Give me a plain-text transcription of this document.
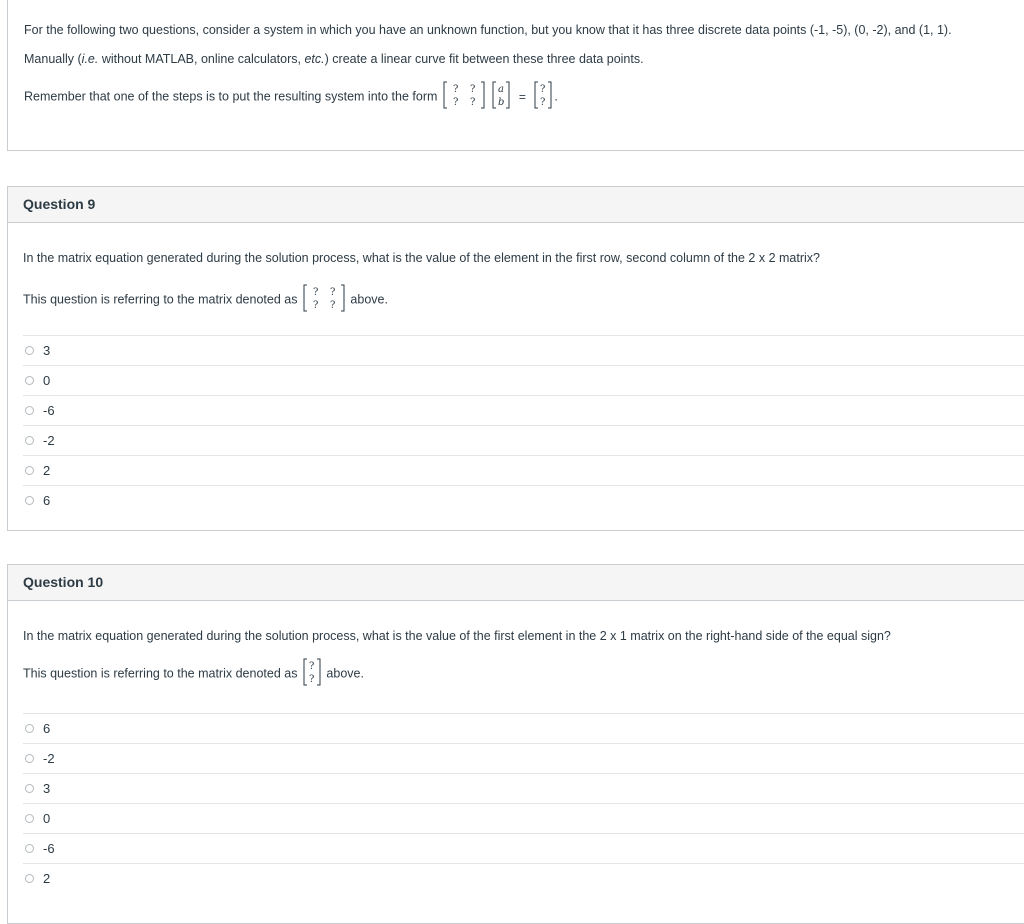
For the following two questions, consider a system in which you have an unknown function, but you know that it has three discrete data points (-1, -5), (0, -2), and (1, 1).

Manually (i.e. without MATLAB, online calculators, etc.) create a linear curve fit between these three data points.

Remember that one of the steps is to put the resulting system into the form ? ?
? ?

a
b = ?
? .

Question 9

In the matrix equation generated during the solution process, what is the value of the element in the first row, second column of the 2 x 2 matrix?

This question is referring to the matrix denoted as ? ?
? ? above.

3
0
-6
-2
2
6
Question 10

In the matrix equation generated during the solution process, what is the value of the first element in the 2 x 1 matrix on the right-hand side of the equal sign?

This question is referring to the matrix denoted as ?
? above.

6
-2
3
0
-6
2
